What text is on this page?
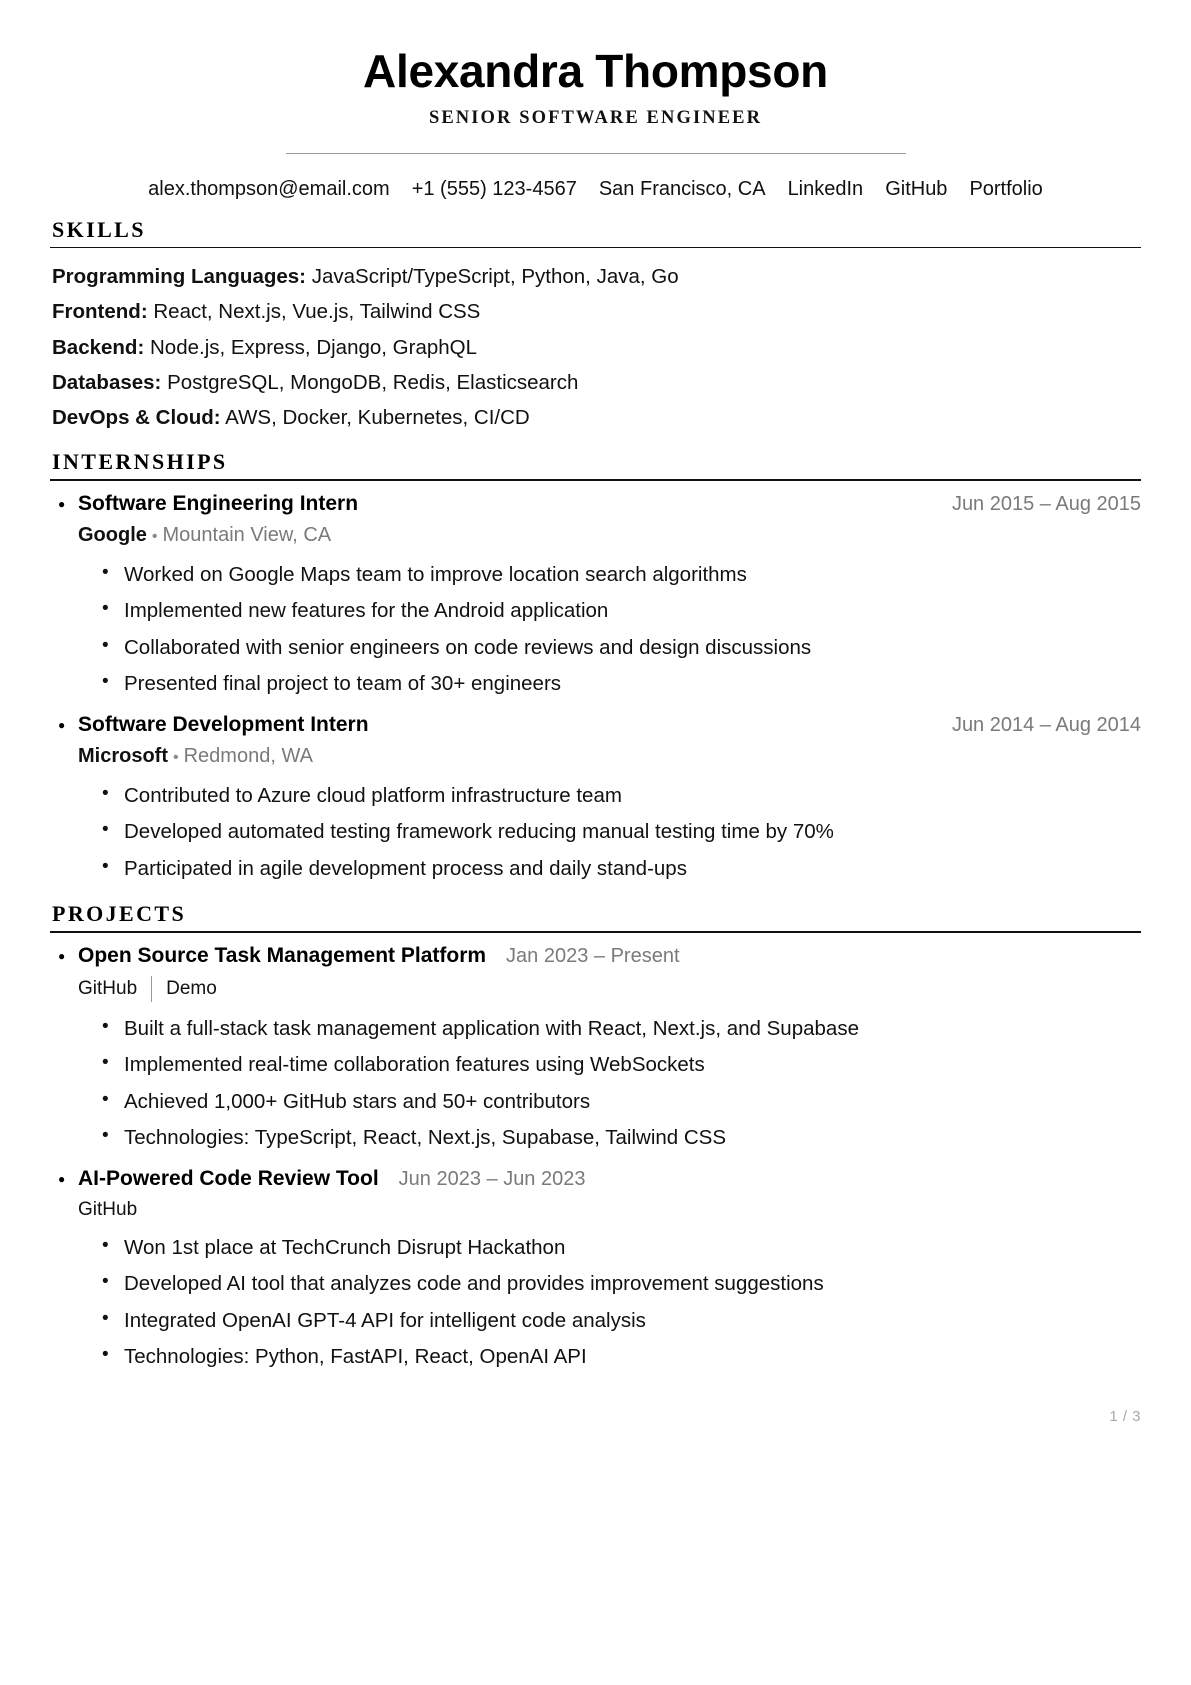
Alexandra Thompson
SENIOR SOFTWARE ENGINEER
alex.thompson@email.com	+1 (555) 123-4567	San Francisco, CA	LinkedIn	GitHub	Portfolio
SKILLS
Programming Languages: JavaScript/TypeScript, Python, Java, Go
Frontend: React, Next.js, Vue.js, Tailwind CSS
Backend: Node.js, Express, Django, GraphQL
Databases: PostgreSQL, MongoDB, Redis, Elasticsearch
DevOps & Cloud: AWS, Docker, Kubernetes, CI/CD
INTERNSHIPS
●
Software Engineering Intern	Jun 2015 – Aug 2015
Google • Mountain View, CA
• Worked on Google Maps team to improve location search algorithms
• Implemented new features for the Android application
• Collaborated with senior engineers on code reviews and design discussions
• Presented final project to team of 30+ engineers
●
Software Development Intern	Jun 2014 – Aug 2014
Microsoft • Redmond, WA
• Contributed to Azure cloud platform infrastructure team
• Developed automated testing framework reducing manual testing time by 70%
• Participated in agile development process and daily stand-ups
PROJECTS
●
Open Source Task Management Platform Jan 2023 – Present
GitHub Demo
• Built a full-stack task management application with React, Next.js, and Supabase
• Implemented real-time collaboration features using WebSockets
• Achieved 1,000+ GitHub stars and 50+ contributors
• Technologies: TypeScript, React, Next.js, Supabase, Tailwind CSS
●
AI-Powered Code Review Tool Jun 2023 – Jun 2023
GitHub
• Won 1st place at TechCrunch Disrupt Hackathon
• Developed AI tool that analyzes code and provides improvement suggestions
• Integrated OpenAI GPT-4 API for intelligent code analysis
• Technologies: Python, FastAPI, React, OpenAI API
1 / 3
